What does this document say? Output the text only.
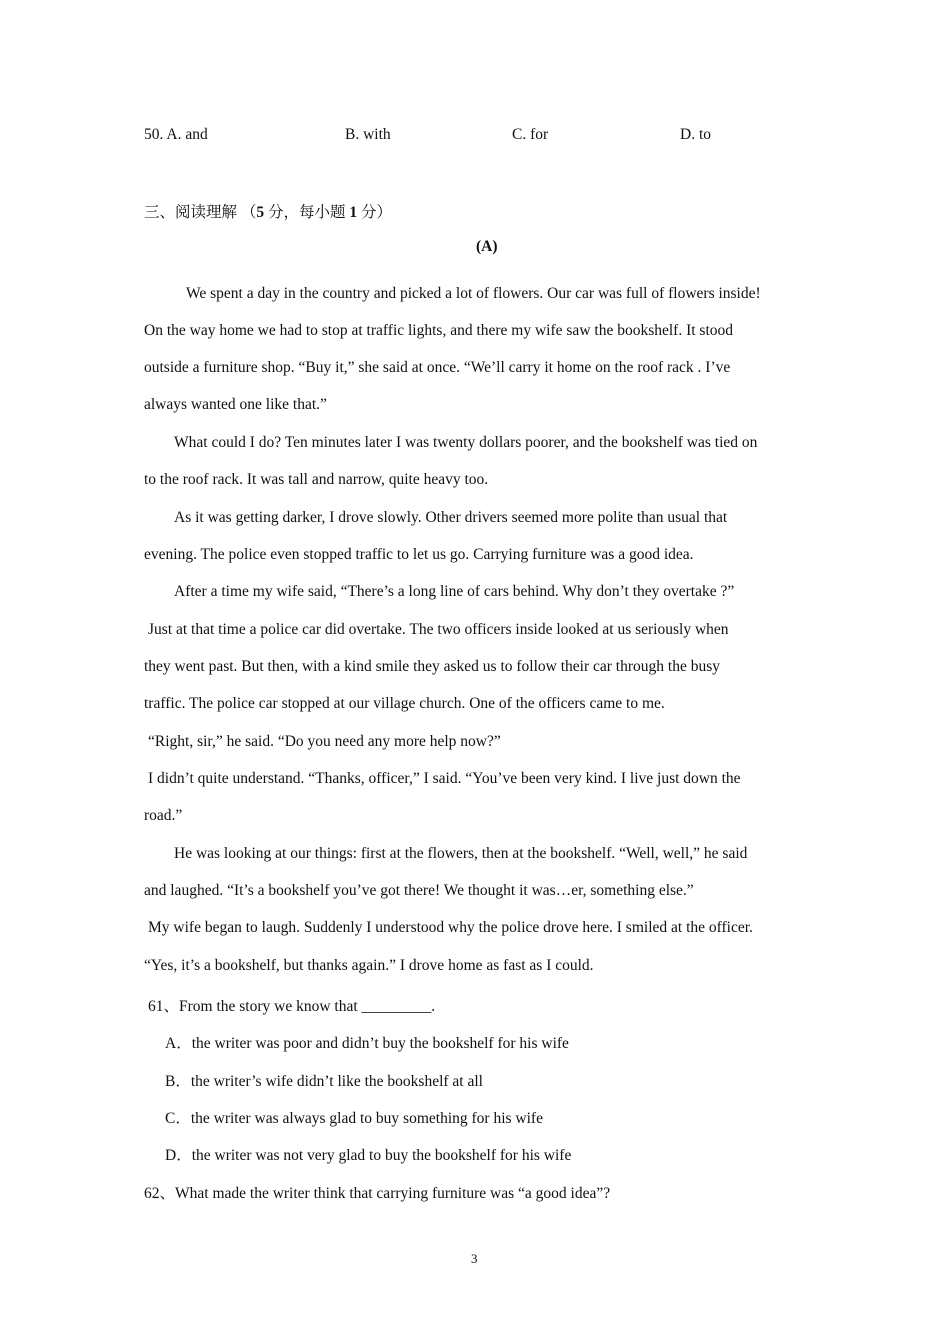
50. A. and	B. with	C. for	D. to
三、阅读理解 （5 分，每小题 1 分）
(A)
We spent a day in the country and picked a lot of flowers. Our car was full of flowers inside!
On the way home we had to stop at traffic lights, and there my wife saw the bookshelf. It stood
outside a furniture shop. “Buy it,” she said at once. “We’ll carry it home on the roof rack . I’ve
always wanted one like that.”
What could I do? Ten minutes later I was twenty dollars poorer, and the bookshelf was tied on
to the roof rack. It was tall and narrow, quite heavy too.
As it was getting darker, I drove slowly. Other drivers seemed more polite than usual that
evening. The police even stopped traffic to let us go. Carrying furniture was a good idea.
After a time my wife said, “There’s a long line of cars behind. Why don’t they overtake ?”
Just at that time a police car did overtake. The two officers inside looked at us seriously when
they went past. But then, with a kind smile they asked us to follow their car through the busy
traffic. The police car stopped at our village church. One of the officers came to me.
“Right, sir,” he said. “Do you need any more help now?”
I didn’t quite understand. “Thanks, officer,” I said. “You’ve been very kind. I live just down the
road.”
He was looking at our things: first at the flowers, then at the bookshelf. “Well, well,” he said
and laughed. “It’s a bookshelf you’ve got there! We thought it was…er, something else.”
My wife began to laugh. Suddenly I understood why the police drove here. I smiled at the officer.
“Yes, it’s a bookshelf, but thanks again.” I drove home as fast as I could.
61、From the story we know that _________.
A．the writer was poor and didn’t buy the bookshelf for his wife
B．the writer’s wife didn’t like the bookshelf at all
C．the writer was always glad to buy something for his wife
D．the writer was not very glad to buy the bookshelf for his wife
62、What made the writer think that carrying furniture was “a good idea”?
3
